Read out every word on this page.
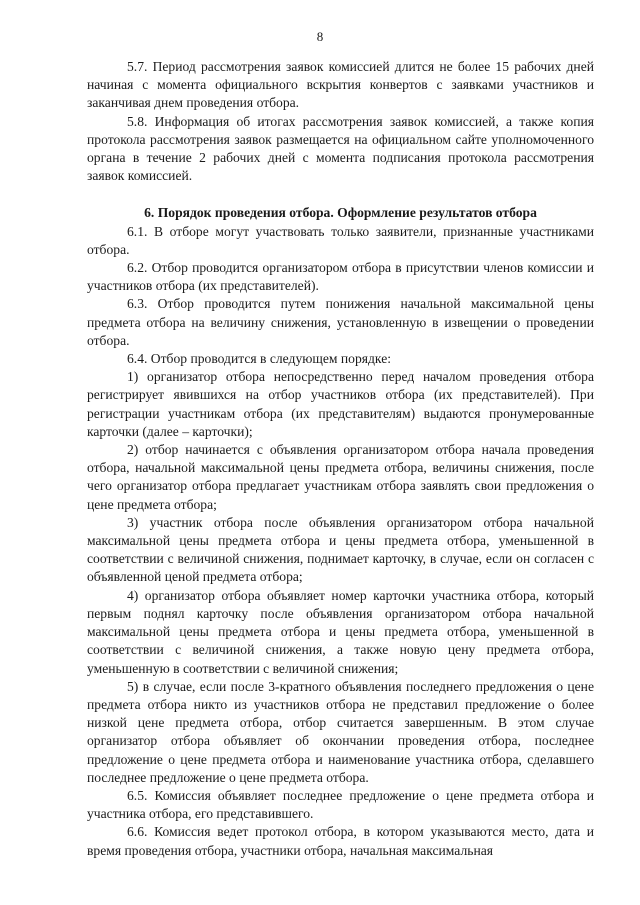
8

5.7. Период рассмотрения заявок комиссией длится не более 15 рабочих дней начиная с момента официального вскрытия конвертов с заявками участников и заканчивая днем проведения отбора.

5.8. Информация об итогах рассмотрения заявок комиссией, а также копия протокола рассмотрения заявок размещается на официальном сайте уполномоченного органа в течение 2 рабочих дней с момента подписания протокола рассмотрения заявок комиссией.

6. Порядок проведения отбора. Оформление результатов отбора

6.1. В отборе могут участвовать только заявители, признанные участниками отбора.

6.2. Отбор проводится организатором отбора в присутствии членов комиссии и участников отбора (их представителей).

6.3. Отбор проводится путем понижения начальной максимальной цены предмета отбора на величину снижения, установленную в извещении о проведении отбора.

6.4. Отбор проводится в следующем порядке:

1) организатор отбора непосредственно перед началом проведения отбора регистрирует явившихся на отбор участников отбора (их представителей). При регистрации участникам отбора (их представителям) выдаются пронумерованные карточки (далее – карточки);

2) отбор начинается с объявления организатором отбора начала проведения отбора, начальной максимальной цены предмета отбора, величины снижения, после чего организатор отбора предлагает участникам отбора заявлять свои предложения о цене предмета отбора;

3) участник отбора после объявления организатором отбора начальной максимальной цены предмета отбора и цены предмета отбора, уменьшенной в соответствии с величиной снижения, поднимает карточку, в случае, если он согласен с объявленной ценой предмета отбора;

4) организатор отбора объявляет номер карточки участника отбора, который первым поднял карточку после объявления организатором отбора начальной максимальной цены предмета отбора и цены предмета отбора, уменьшенной в соответствии с величиной снижения, а также новую цену предмета отбора, уменьшенную в соответствии с величиной снижения;

5) в случае, если после 3-кратного объявления последнего предложения о цене предмета отбора никто из участников отбора не представил предложение о более низкой цене предмета отбора, отбор считается завершенным. В этом случае организатор отбора объявляет об окончании проведения отбора, последнее предложение о цене предмета отбора и наименование участника отбора, сделавшего последнее предложение о цене предмета отбора.

6.5. Комиссия объявляет последнее предложение о цене предмета отбора и участника отбора, его представившего.

6.6. Комиссия ведет протокол отбора, в котором указываются место, дата и время проведения отбора, участники отбора, начальная максимальная
